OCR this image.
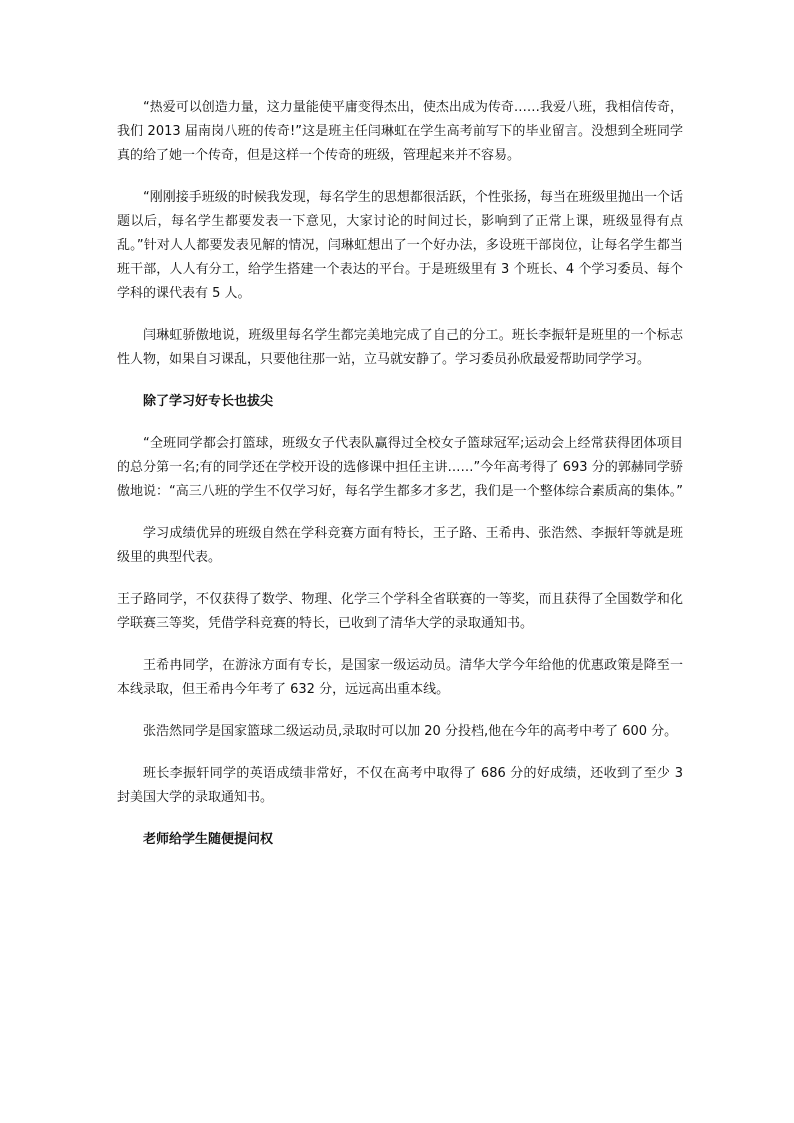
“热爱可以创造力量，这力量能使平庸变得杰出，使杰出成为传奇……我爱八班，我相信传奇，我们 2013 届南岗八班的传奇!”这是班主任闫琳虹在学生高考前写下的毕业留言。没想到全班同学真的给了她一个传奇，但是这样一个传奇的班级，管理起来并不容易。

“刚刚接手班级的时候我发现，每名学生的思想都很活跃，个性张扬，每当在班级里抛出一个话题以后，每名学生都要发表一下意见，大家讨论的时间过长，影响到了正常上课，班级显得有点乱。”针对人人都要发表见解的情况，闫琳虹想出了一个好办法，多设班干部岗位，让每名学生都当班干部，人人有分工，给学生搭建一个表达的平台。于是班级里有 3 个班长、4 个学习委员、每个学科的课代表有 5 人。

闫琳虹骄傲地说，班级里每名学生都完美地完成了自己的分工。班长李振轩是班里的一个标志性人物，如果自习课乱，只要他往那一站，立马就安静了。学习委员孙欣最爱帮助同学学习。

除了学习好专长也拔尖

“全班同学都会打篮球，班级女子代表队赢得过全校女子篮球冠军;运动会上经常获得团体项目的总分第一名;有的同学还在学校开设的选修课中担任主讲……”今年高考得了 693 分的郭赫同学骄傲地说：“高三八班的学生不仅学习好，每名学生都多才多艺，我们是一个整体综合素质高的集体。”

学习成绩优异的班级自然在学科竞赛方面有特长，王子路、王希冉、张浩然、李振轩等就是班级里的典型代表。

王子路同学，不仅获得了数学、物理、化学三个学科全省联赛的一等奖，而且获得了全国数学和化学联赛三等奖，凭借学科竞赛的特长，已收到了清华大学的录取通知书。

王希冉同学，在游泳方面有专长，是国家一级运动员。清华大学今年给他的优惠政策是降至一本线录取，但王希冉今年考了 632 分，远远高出重本线。

张浩然同学是国家篮球二级运动员,录取时可以加 20 分投档,他在今年的高考中考了 600 分。

班长李振轩同学的英语成绩非常好，不仅在高考中取得了 686 分的好成绩，还收到了至少 3 封美国大学的录取通知书。

老师给学生随便提问权
